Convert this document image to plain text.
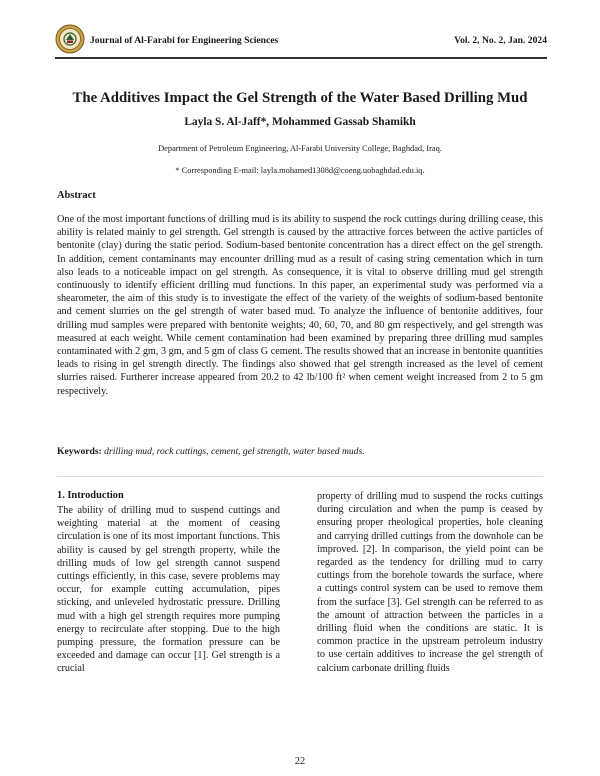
Journal of Al-Farabi for Engineering Sciences	Vol. 2, No. 2, Jan. 2024
The Additives Impact the Gel Strength of the Water Based Drilling Mud
Layla S. Al-Jaff*, Mohammed Gassab Shamikh
Department of Petroleum Engineering, Al-Farabi University College, Baghdad, Iraq.
* Corresponding E-mail: layla.mohamed1308d@coeng.uobaghdad.edu.iq.
Abstract

One of the most important functions of drilling mud is its ability to suspend the rock cuttings during drilling cease, this ability is related mainly to gel strength. Gel strength is caused by the attractive forces between the active particles of bentonite (clay) during the static period. Sodium-based bentonite concentration has a direct effect on the gel strength. In addition, cement contaminants may encounter drilling mud as a result of casing string cementation which in turn also leads to a noticeable impact on gel strength. As consequence, it is vital to observe drilling mud gel strength continuously to identify efficient drilling mud functions. In this paper, an experimental study was performed via a shearometer, the aim of this study is to investigate the effect of the variety of the weights of sodium-based bentonite and cement slurries on the gel strength of water based mud. To analyze the influence of bentonite additives, four drilling mud samples were prepared with bentonite weights; 40, 60, 70, and 80 gm respectively, and gel strength was measured at each weight. While cement contamination had been examined by preparing three drilling mud samples contaminated with 2 gm, 3 gm, and 5 gm of class G cement. The results showed that an increase in bentonite quantities leads to rising in gel strength directly. The findings also showed that gel strength increased as the level of cement slurries raised. Furtherer increase appeared from 20.2 to 42 lb/100 ft² when cement weight increased from 2 to 5 gm respectively.

Keywords: drilling mud, rock cuttings, cement, gel strength, water based muds.
1. Introduction

The ability of drilling mud to suspend cuttings and weighting material at the moment of ceasing circulation is one of its most important functions. This ability is caused by gel strength property, while the drilling muds of low gel strength cannot suspend cuttings efficiently, in this case, severe problems may occur, for example cutting accumulation, pipes sticking, and unleveled hydrostatic pressure. Drilling mud with a high gel strength requires more pumping energy to recirculate after stopping. Due to the high pumping pressure, the formation pressure can be exceeded and damage can occur [1]. Gel strength is a crucial

property of drilling mud to suspend the rocks cuttings during circulation and when the pump is ceased by ensuring proper rheological properties, hole cleaning and carrying drilled cuttings from the downhole can be improved. [2]. In comparison, the yield point can be regarded as the tendency for drilling mud to carry cuttings from the borehole towards the surface, where a cuttings control system can be used to remove them from the surface [3]. Gel strength can be referred to as the amount of attraction between the particles in a drilling fluid when the conditions are static. It is common practice in the upstream petroleum industry to use certain additives to increase the gel strength of calcium carbonate drilling fluids

22
